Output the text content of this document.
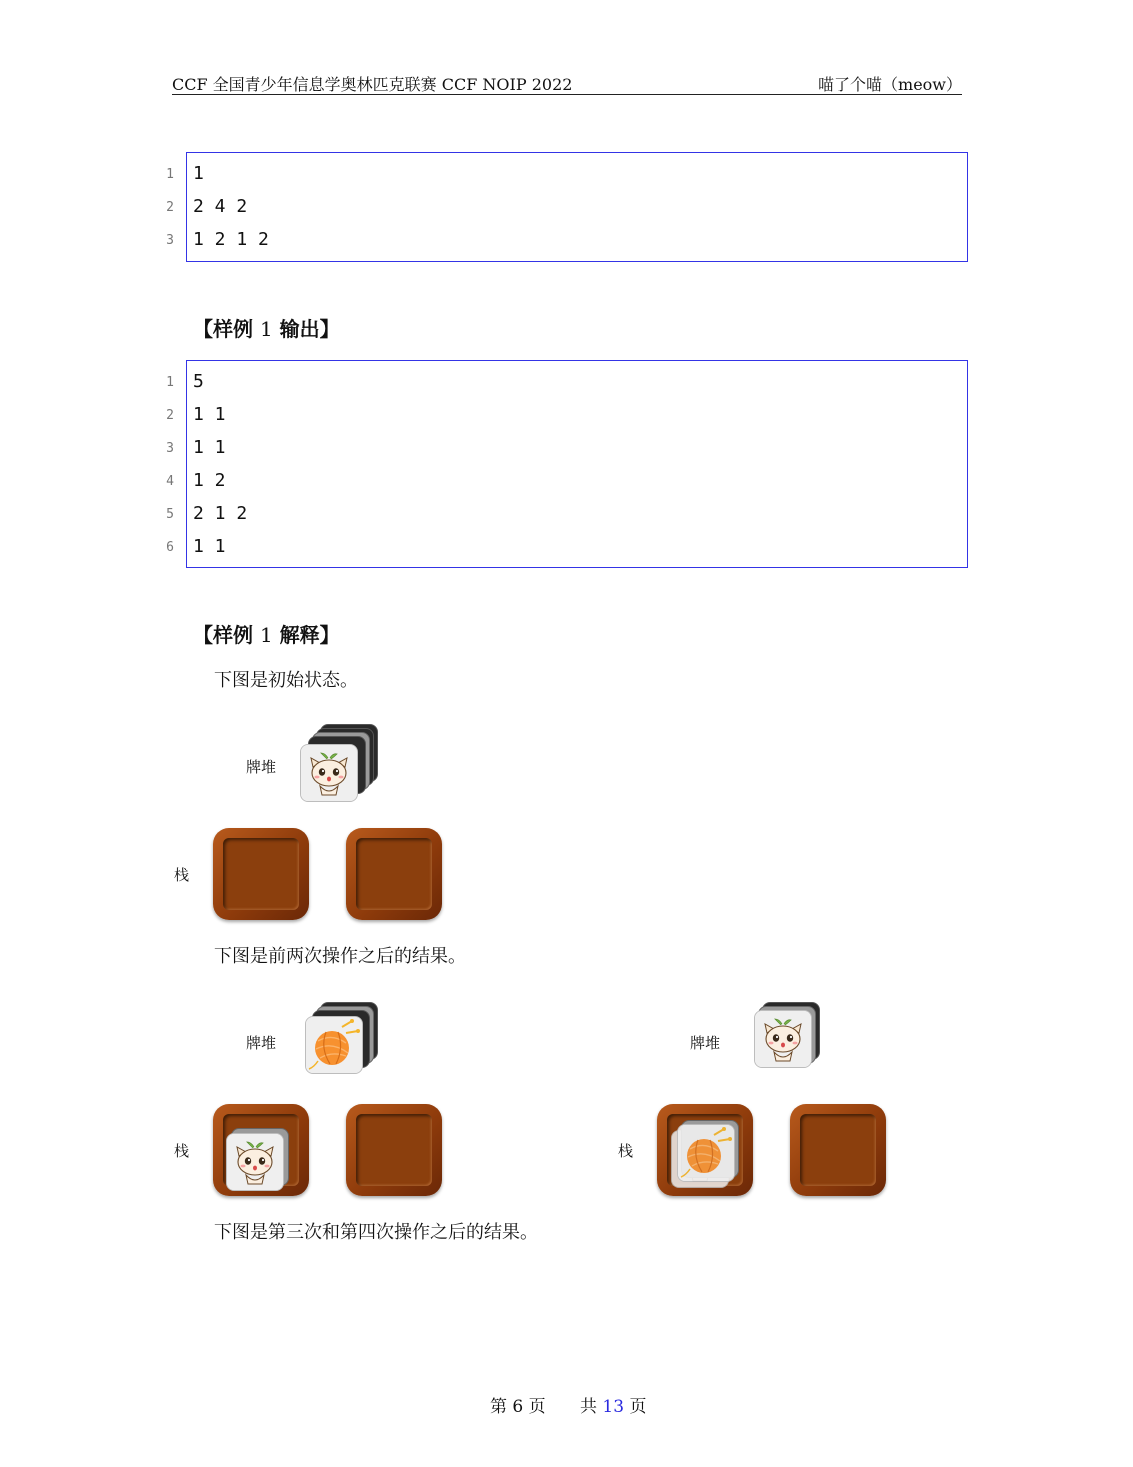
CCF 全国青少年信息学奥林匹克联赛 CCF NOIP 2022	喵了个喵（meow）
1 1
2 2 4 2
3 1 2 1 2
【样例 1 输出】
1 5
2 1 1
3 1 1
4 1 2
5 2 1 2
6 1 1
【样例 1 解释】
下图是初始状态。
牌堆
栈
下图是前两次操作之后的结果。
牌堆
栈
牌堆
栈
下图是第三次和第四次操作之后的结果。
第 6 页 共 13 页
